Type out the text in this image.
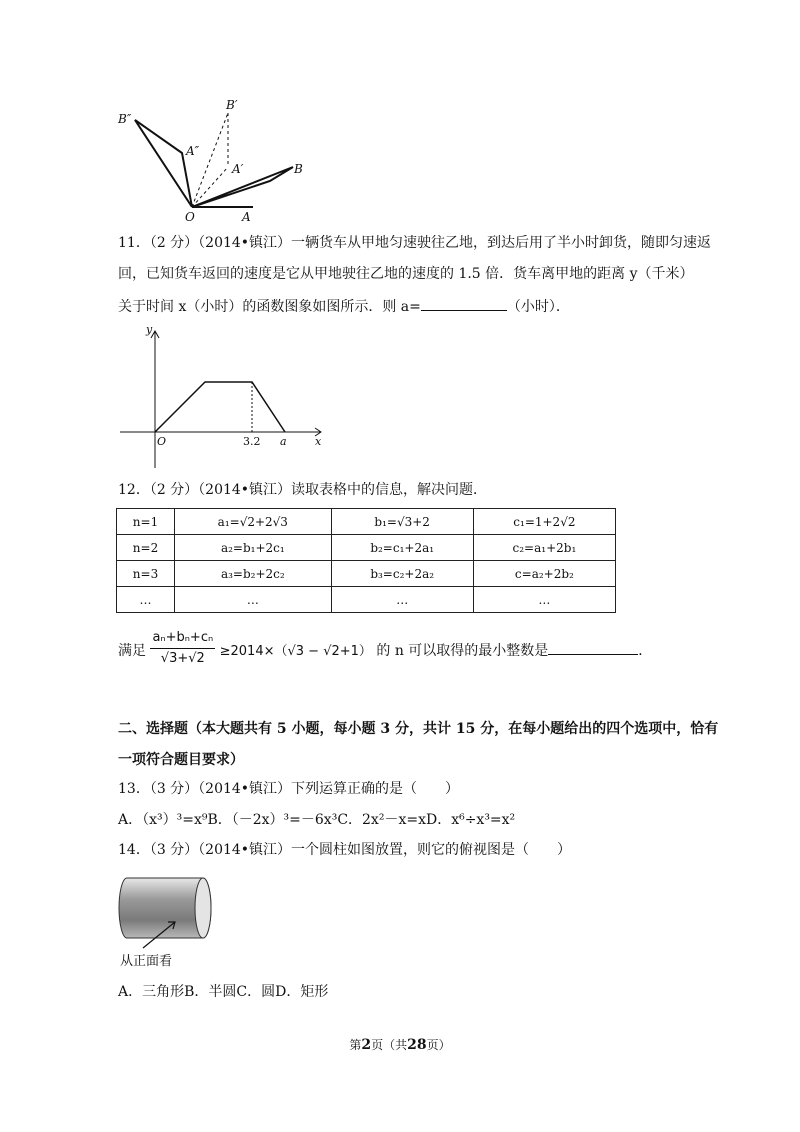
B″
A″
B′
A′	B
O	A
11．（2 分）（2014•镇江）一辆货车从甲地匀速驶往乙地，到达后用了半小时卸货，随即匀速返
回，已知货车返回的速度是它从甲地驶往乙地的速度的 1.5 倍．货车离甲地的距离 y（千米）
关于时间 x（小时）的函数图象如图所示．则 a=	（小时）．
y
x
O	3.2 a
12．（2 分）（2014•镇江）读取表格中的信息，解决问题．
n=1	a₁=√2+2√3	b₁=√3+2	c₁=1+2√2
n=2	a₂=b₁+2c₁	b₂=c₁+2a₁	c₂=a₁+2b₁
n=3	a₃=b₂+2c₂	b₃=c₂+2a₂	c=a₂+2b₂
…	…	…	…
满足 $\frac{\text{aₙ+bₙ+cₙ}}{√3+√2} \ge 2014\times(√3 - √2+1)$ 的 n 可以取得的最小整数是	．
二、选择题（本大题共有 5 小题，每小题 3 分，共计 15 分，在每小题给出的四个选项中，恰有
一项符合题目要求）
13．（3 分）（2014•镇江）下列运算正确的是（　　）
A．（x³）³=x⁹B．（－2x）³=－6x³C．2x²－x=xD．x⁶÷x³=x²
14．（3 分）（2014•镇江）一个圆柱如图放置，则它的俯视图是（　　）
从正面看
A．三角形B．半圆C．圆D．矩形
第2页（共28页）
